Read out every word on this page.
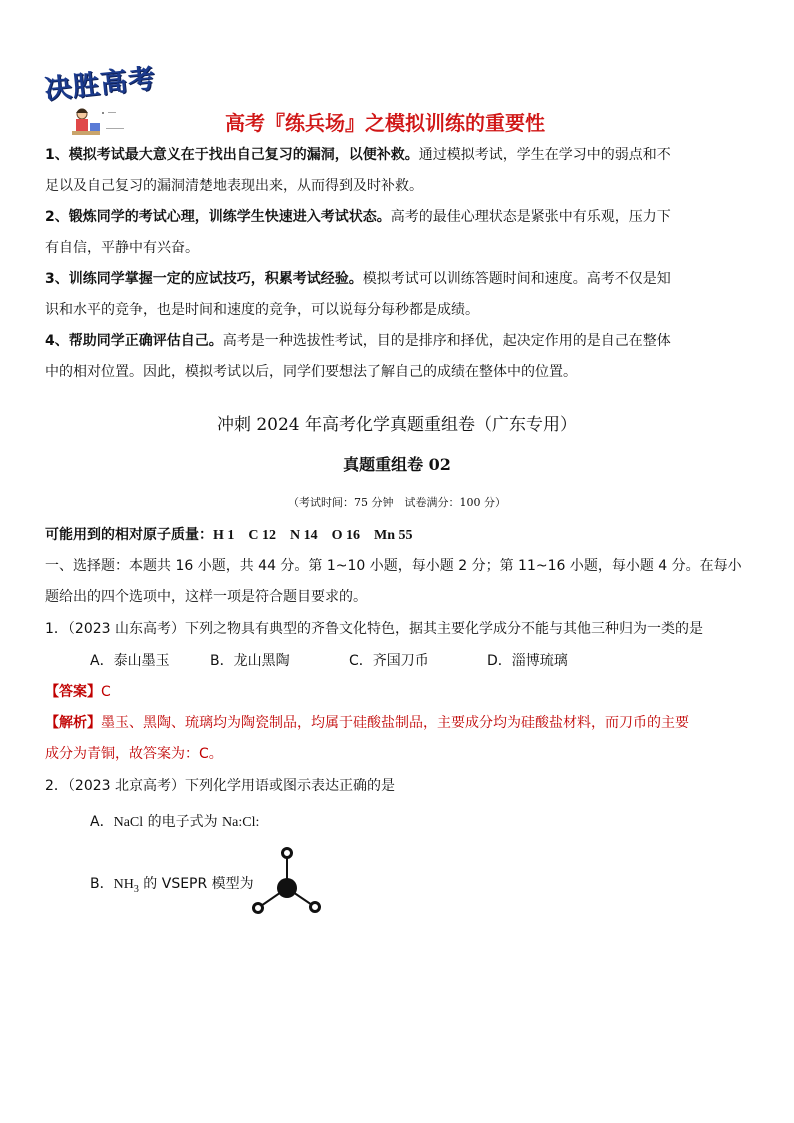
决胜高考
高考『练兵场』之模拟训练的重要性
1、模拟考试最大意义在于找出自己复习的漏洞，以便补救。通过模拟考试，学生在学习中的弱点和不
足以及自己复习的漏洞清楚地表现出来，从而得到及时补救。
2、锻炼同学的考试心理，训练学生快速进入考试状态。高考的最佳心理状态是紧张中有乐观，压力下
有自信，平静中有兴奋。
3、训练同学掌握一定的应试技巧，积累考试经验。模拟考试可以训练答题时间和速度。高考不仅是知
识和水平的竞争，也是时间和速度的竞争，可以说每分每秒都是成绩。
4、帮助同学正确评估自己。高考是一种选拔性考试，目的是排序和择优，起决定作用的是自己在整体
中的相对位置。因此，模拟考试以后，同学们要想法了解自己的成绩在整体中的位置。
冲刺 2024 年高考化学真题重组卷（广东专用）
真题重组卷 02
（考试时间：75 分钟　试卷满分：100 分）
可能用到的相对原子质量：H 1　C 12　N 14　O 16　Mn 55
一、选择题：本题共 16 小题，共 44 分。第 1~10 小题，每小题 2 分；第 11~16 小题，每小题 4 分。在每小
题给出的四个选项中，这样一项是符合题目要求的。
1．（2023 山东高考）下列之物具有典型的齐鲁文化特色，据其主要化学成分不能与其他三种归为一类的是
A．泰山墨玉	B．龙山黑陶	C．齐国刀币	D．淄博琉璃
【答案】C
【解析】墨玉、黑陶、琉璃均为陶瓷制品，均属于硅酸盐制品，主要成分均为硅酸盐材料，而刀币的主要
成分为青铜，故答案为：C。
2．（2023 北京高考）下列化学用语或图示表达正确的是
A．NaCl 的电子式为 Na:Cl:
B．$NH_3$ 的 VSEPR 模型为
